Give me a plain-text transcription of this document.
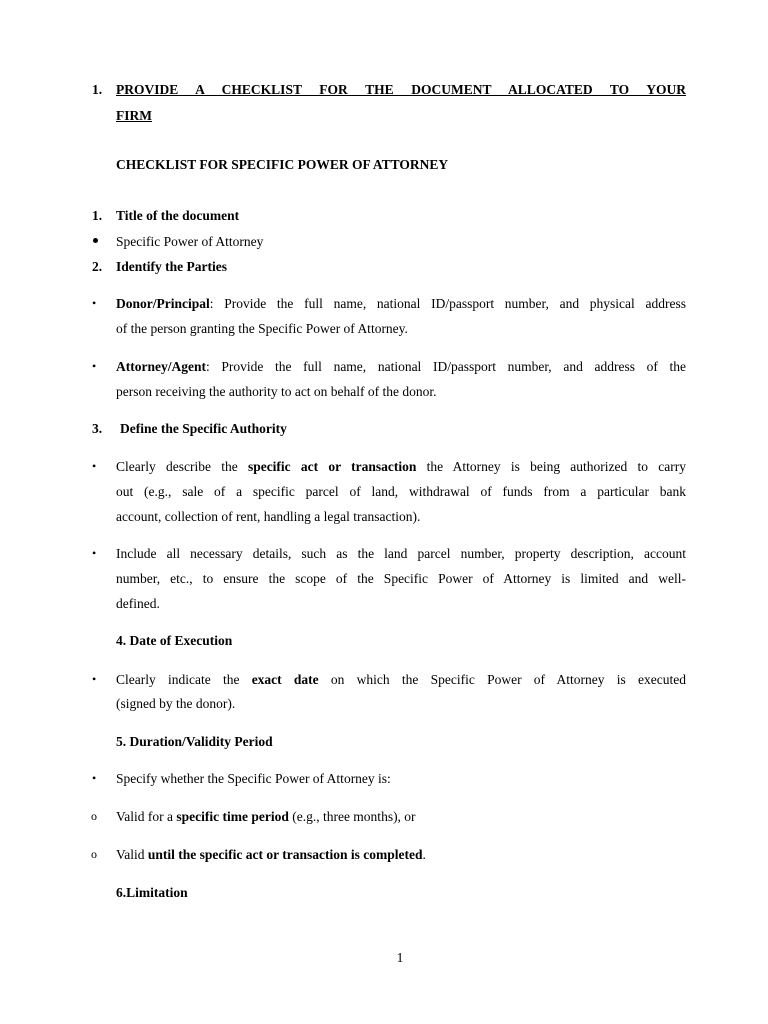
1. PROVIDE A CHECKLIST FOR THE DOCUMENT ALLOCATED TO YOUR
FIRM
CHECKLIST FOR SPECIFIC POWER OF ATTORNEY
1. Title of the document
Specific Power of Attorney
2. Identify the Parties
• Donor/Principal: Provide the full name, national ID/passport number, and physical address
of the person granting the Specific Power of Attorney.
• Attorney/Agent: Provide the full name, national ID/passport number, and address of the
person receiving the authority to act on behalf of the donor.
3. Define the Specific Authority
• Clearly describe the specific act or transaction the Attorney is being authorized to carry
out (e.g., sale of a specific parcel of land, withdrawal of funds from a particular bank
account, collection of rent, handling a legal transaction).
• Include all necessary details, such as the land parcel number, property description, account
number, etc., to ensure the scope of the Specific Power of Attorney is limited and well-
defined.
4. Date of Execution
• Clearly indicate the exact date on which the Specific Power of Attorney is executed
(signed by the donor).
5. Duration/Validity Period
• Specify whether the Specific Power of Attorney is:
o Valid for a specific time period (e.g., three months), or
o Valid until the specific act or transaction is completed.
6.Limitation
1
